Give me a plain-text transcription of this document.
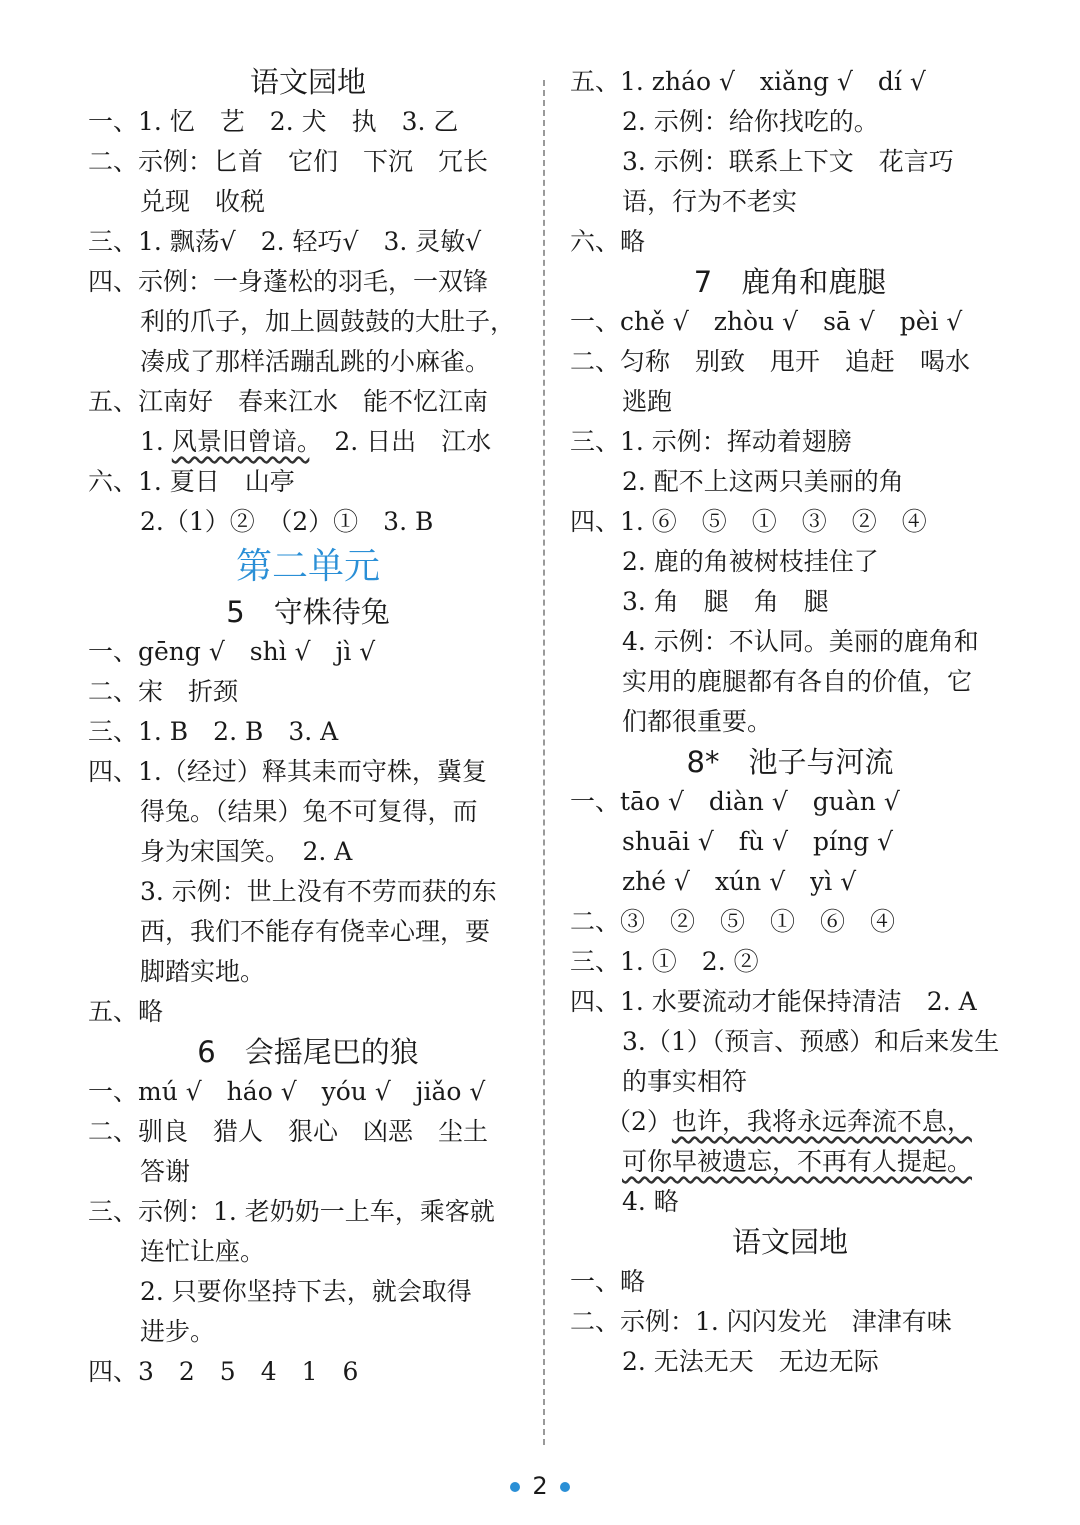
语文园地
一、1. 忆　艺　2. 犬　执　3. 乙
二、示例：匕首　它们　下沉　冗长
兑现　收税
三、1. 飘荡√　2. 轻巧√　3. 灵敏√
四、示例：一身蓬松的羽毛，一双锋
利的爪子，加上圆鼓鼓的大肚子，
凑成了那样活蹦乱跳的小麻雀。
五、江南好　春来江水　能不忆江南
1. 风景旧曾谙。　2. 日出　江水
六、1. 夏日　山亭
2.（1）②　（2）①　3. B
第二单元
5　守株待兔
一、gēng √　shì √　jì √
二、宋　折颈
三、1. B　2. B　3. A
四、1.（经过）释其耒而守株，冀复
得兔。（结果）兔不可复得，而
身为宋国笑。　2. A
3. 示例：世上没有不劳而获的东
西，我们不能存有侥幸心理，要
脚踏实地。
五、略
6　会摇尾巴的狼
一、mú √　háo √　yóu √　jiǎo √
二、驯良　猎人　狠心　凶恶　尘土
答谢
三、示例：1. 老奶奶一上车，乘客就
连忙让座。
2. 只要你坚持下去，就会取得
进步。
四、3　2　5　4　1　6
五、1. zháo √　xiǎng √　dí √
2. 示例：给你找吃的。
3. 示例：联系上下文　花言巧
语，行为不老实
六、略
7　鹿角和鹿腿
一、chě √　zhòu √　sā √　pèi √
二、匀称　别致　甩开　追赶　喝水
逃跑
三、1. 示例：挥动着翅膀
2. 配不上这两只美丽的角
四、1. ⑥　⑤　①　③　②　④
2. 鹿的角被树枝挂住了
3. 角　腿　角　腿
4. 示例：不认同。美丽的鹿角和
实用的鹿腿都有各自的价值，它
们都很重要。
8*　池子与河流
一、tāo √　diàn √　guàn √
shuāi √　fù √　píng √
zhé √　xún √　yì √
二、③　②　⑤　①　⑥　④
三、1. ①　2. ②
四、1. 水要流动才能保持清洁　2. A
3.（1）（预言、预感）和后来发生
的事实相符
（2）也许，我将永远奔流不息，
可你早被遗忘，不再有人提起。
4. 略
语文园地
一、略
二、示例：1. 闪闪发光　津津有味
2. 无法无天　无边无际
2
